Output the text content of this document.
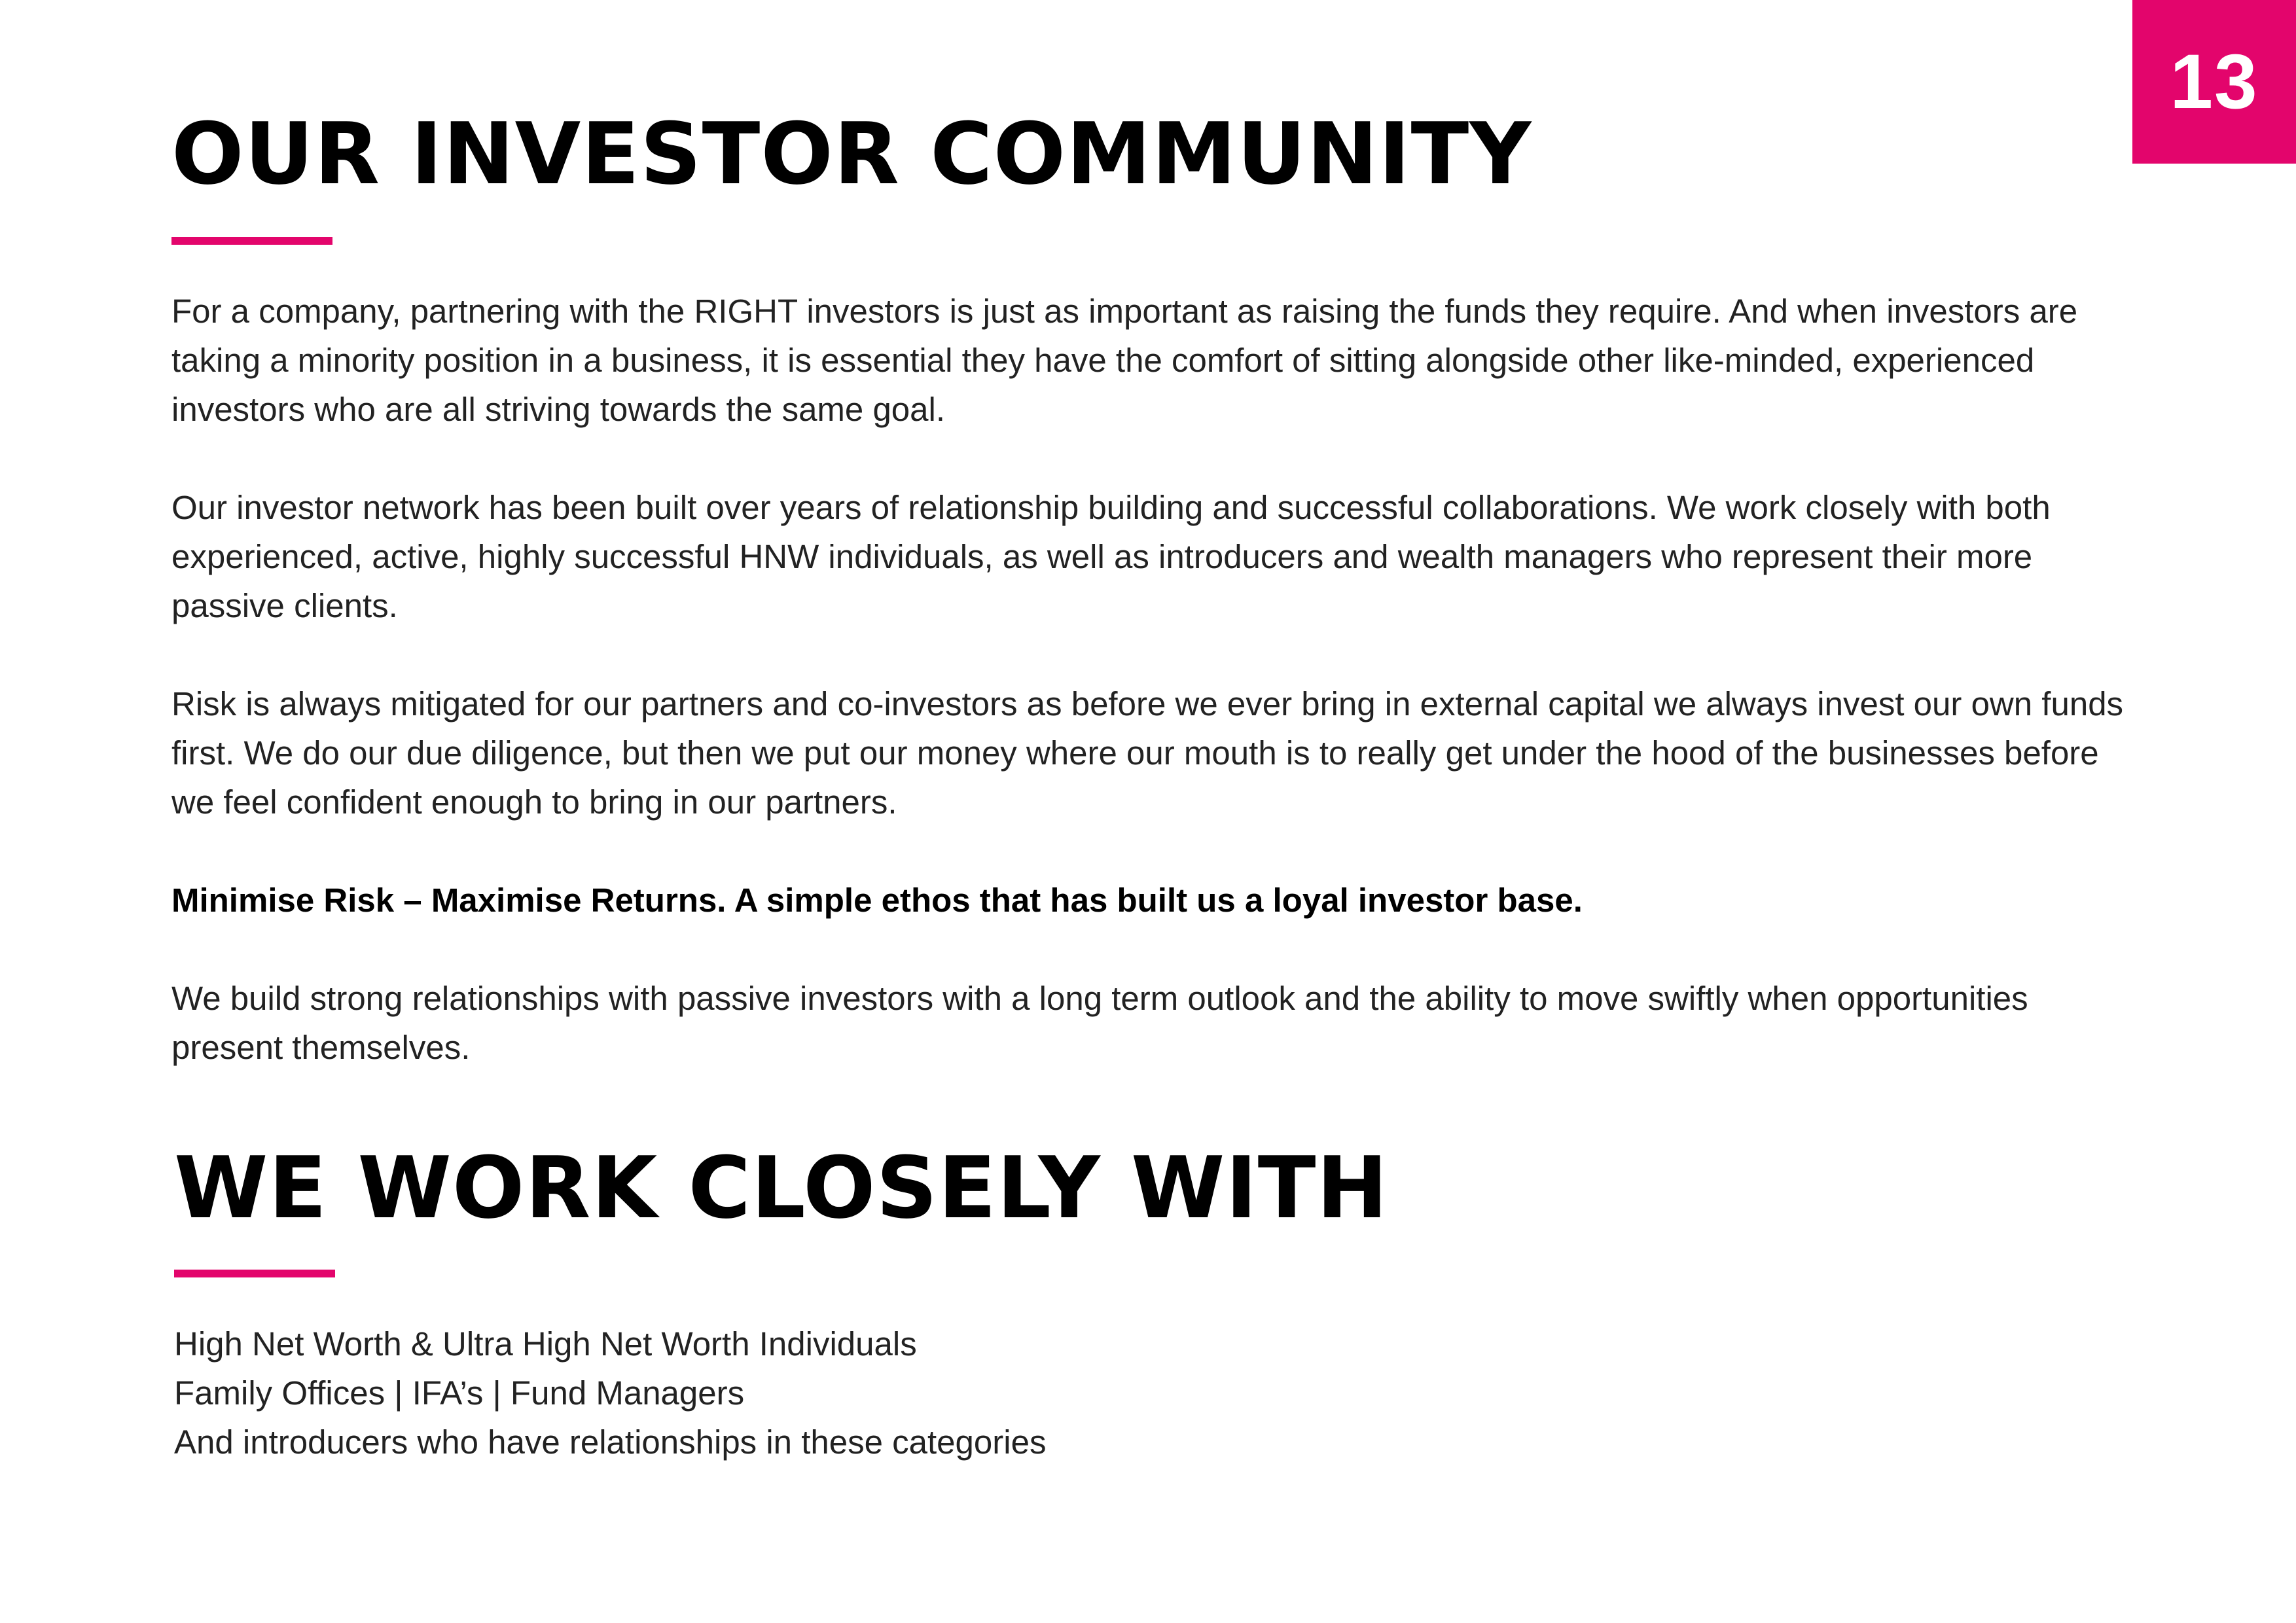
13
OUR INVESTOR COMMUNITY

For a company, partnering with the RIGHT investors is just as important as raising the funds they require. And when investors are taking a minority position in a business, it is essential they have the comfort of sitting alongside other like-minded, experienced investors who are all striving towards the same goal.

Our investor network has been built over years of relationship building and successful collaborations. We work closely with both experienced, active, highly successful HNW individuals, as well as introducers and wealth managers who represent their more passive clients.

Risk is always mitigated for our partners and co-investors as before we ever bring in external capital we always invest our own funds first. We do our due diligence, but then we put our money where our mouth is to really get under the hood of the businesses before we feel confident enough to bring in our partners.

Minimise Risk – Maximise Returns. A simple ethos that has built us a loyal investor base.

We build strong relationships with passive investors with a long term outlook and the ability to move swiftly when opportunities present themselves.

WE WORK CLOSELY WITH

High Net Worth & Ultra High Net Worth Individuals

Family Offices | IFA’s | Fund Managers

And introducers who have relationships in these categories
